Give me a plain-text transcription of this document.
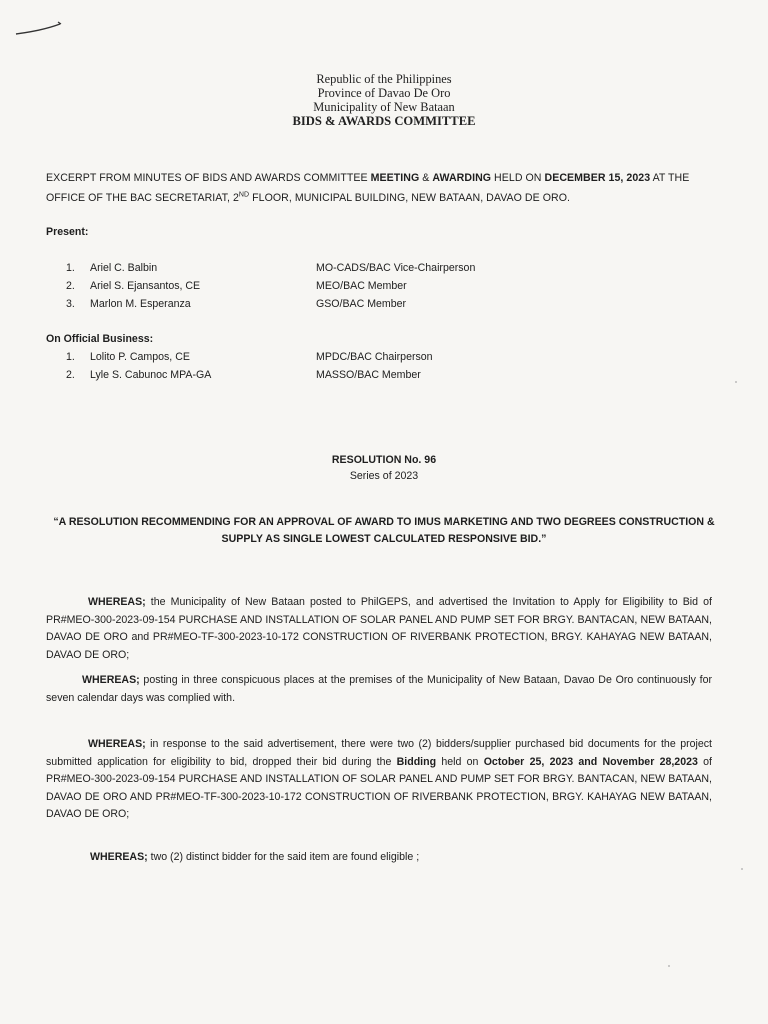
Republic of the Philippines
Province of Davao De Oro
Municipality of New Bataan
BIDS & AWARDS COMMITTEE
EXCERPT FROM MINUTES OF BIDS AND AWARDS COMMITTEE MEETING & AWARDING HELD ON DECEMBER 15, 2023 AT THE OFFICE OF THE BAC SECRETARIAT, 2ND FLOOR, MUNICIPAL BUILDING, NEW BATAAN, DAVAO DE ORO.
Present:
1.	Ariel C. Balbin	MO-CADS/BAC Vice-Chairperson
2.	Ariel S. Ejansantos, CE	MEO/BAC Member
3.	Marlon M. Esperanza	GSO/BAC Member
On Official Business:
1.	Lolito P. Campos, CE	MPDC/BAC Chairperson
2.	Lyle S. Cabunoc MPA-GA	MASSO/BAC Member
RESOLUTION No. 96
Series of 2023
“A RESOLUTION RECOMMENDING FOR AN APPROVAL OF AWARD TO IMUS MARKETING AND TWO DEGREES CONSTRUCTION &
SUPPLY AS SINGLE LOWEST CALCULATED RESPONSIVE BID.”
WHEREAS; the Municipality of New Bataan posted to PhilGEPS, and advertised the Invitation to Apply for Eligibility to Bid of PR#MEO-300-2023-09-154 PURCHASE AND INSTALLATION OF SOLAR PANEL AND PUMP SET FOR BRGY. BANTACAN, NEW BATAAN, DAVAO DE ORO and PR#MEO-TF-300-2023-10-172 CONSTRUCTION OF RIVERBANK PROTECTION, BRGY. KAHAYAG NEW BATAAN, DAVAO DE ORO;
WHEREAS; posting in three conspicuous places at the premises of the Municipality of New Bataan, Davao De Oro continuously for seven calendar days was complied with.
WHEREAS; in response to the said advertisement, there were two (2) bidders/supplier purchased bid documents for the project submitted application for eligibility to bid, dropped their bid during the Bidding held on October 25, 2023 and November 28,2023 of PR#MEO-300-2023-09-154 PURCHASE AND INSTALLATION OF SOLAR PANEL AND PUMP SET FOR BRGY. BANTACAN, NEW BATAAN, DAVAO DE ORO AND PR#MEO-TF-300-2023-10-172 CONSTRUCTION OF RIVERBANK PROTECTION, BRGY. KAHAYAG NEW BATAAN, DAVAO DE ORO;
WHEREAS; two (2) distinct bidder for the said item are found eligible ;
